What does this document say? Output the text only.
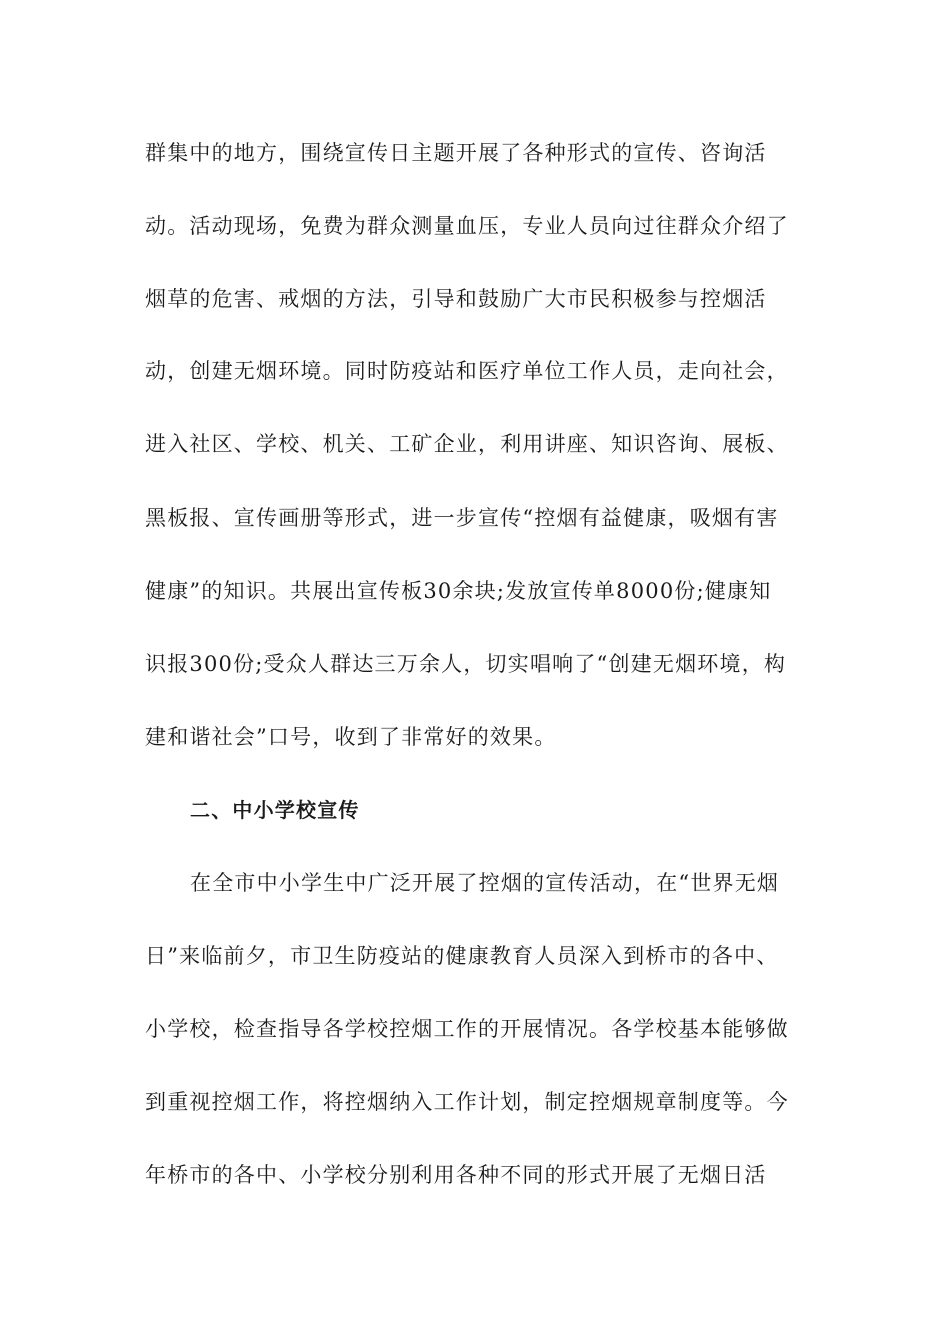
群集中的地方，围绕宣传日主题开展了各种形式的宣传、咨询活
动。活动现场，免费为群众测量血压，专业人员向过往群众介绍了
烟草的危害、戒烟的方法，引导和鼓励广大市民积极参与控烟活
动，创建无烟环境。同时防疫站和医疗单位工作人员，走向社会，
进入社区、学校、机关、工矿企业，利用讲座、知识咨询、展板、
黑板报、宣传画册等形式，进一步宣传“控烟有益健康，吸烟有害
健康”的知识。共展出宣传板30余块;发放宣传单8000份;健康知
识报300份;受众人群达三万余人，切实唱响了“创建无烟环境，构
建和谐社会”口号，收到了非常好的效果。
二、中小学校宣传
在全市中小学生中广泛开展了控烟的宣传活动，在“世界无烟
日”来临前夕，市卫生防疫站的健康教育人员深入到桥市的各中、
小学校，检查指导各学校控烟工作的开展情况。各学校基本能够做
到重视控烟工作，将控烟纳入工作计划，制定控烟规章制度等。今
年桥市的各中、小学校分别利用各种不同的形式开展了无烟日活
